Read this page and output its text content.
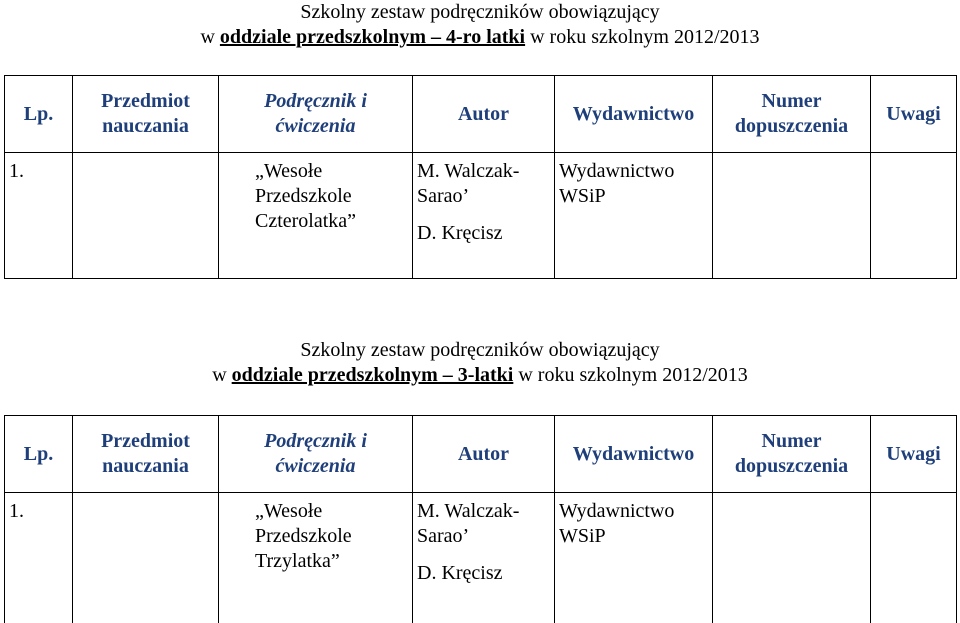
Szkolny zestaw podręczników obowiązujący
w oddziale przedszkolnym – 4-ro latki w roku szkolnym 2012/2013
Lp.	Przedmiot nauczania	Podręcznik i ćwiczenia	Autor	Wydawnictwo	Numer dopuszczenia	Uwagi
1.		„Wesołe
Przedszkole
Czterolatka”	M. Walczak-
Sarao’
D. Kręcisz	Wydawnictwo
WSiP		

Szkolny zestaw podręczników obowiązujący
w oddziale przedszkolnym – 3-latki w roku szkolnym 2012/2013
Lp.	Przedmiot nauczania	Podręcznik i ćwiczenia	Autor	Wydawnictwo	Numer dopuszczenia	Uwagi
1.		„Wesołe
Przedszkole
Trzylatka”	M. Walczak-
Sarao’
D. Kręcisz	Wydawnictwo
WSiP		
